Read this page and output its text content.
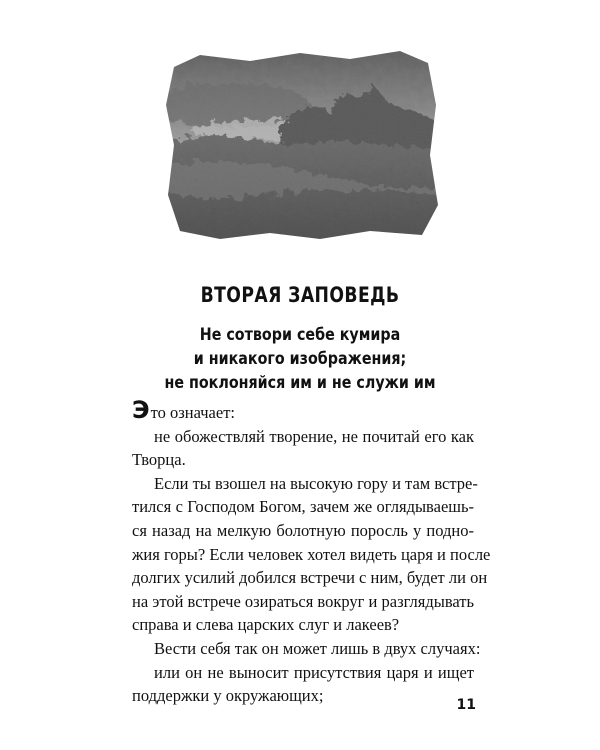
ВТОРАЯ ЗАПОВЕДЬ
Не сотвори себе кумира
и никакого изображения;
не поклоняйся им и не служи им
Это означает:
не обожествляй творение, не почитай его как
Творца.
Если ты взошел на высокую гору и там встре-
тился с Господом Богом, зачем же оглядываешь-
ся назад на мелкую болотную поросль у подно-
жия горы? Если человек хотел видеть царя и после
долгих усилий добился встречи с ним, будет ли он
на этой встрече озираться вокруг и разглядывать
справа и слева царских слуг и лакеев?
Вести себя так он может лишь в двух случаях:
или он не выносит присутствия царя и ищет
поддержки у окружающих;	11
